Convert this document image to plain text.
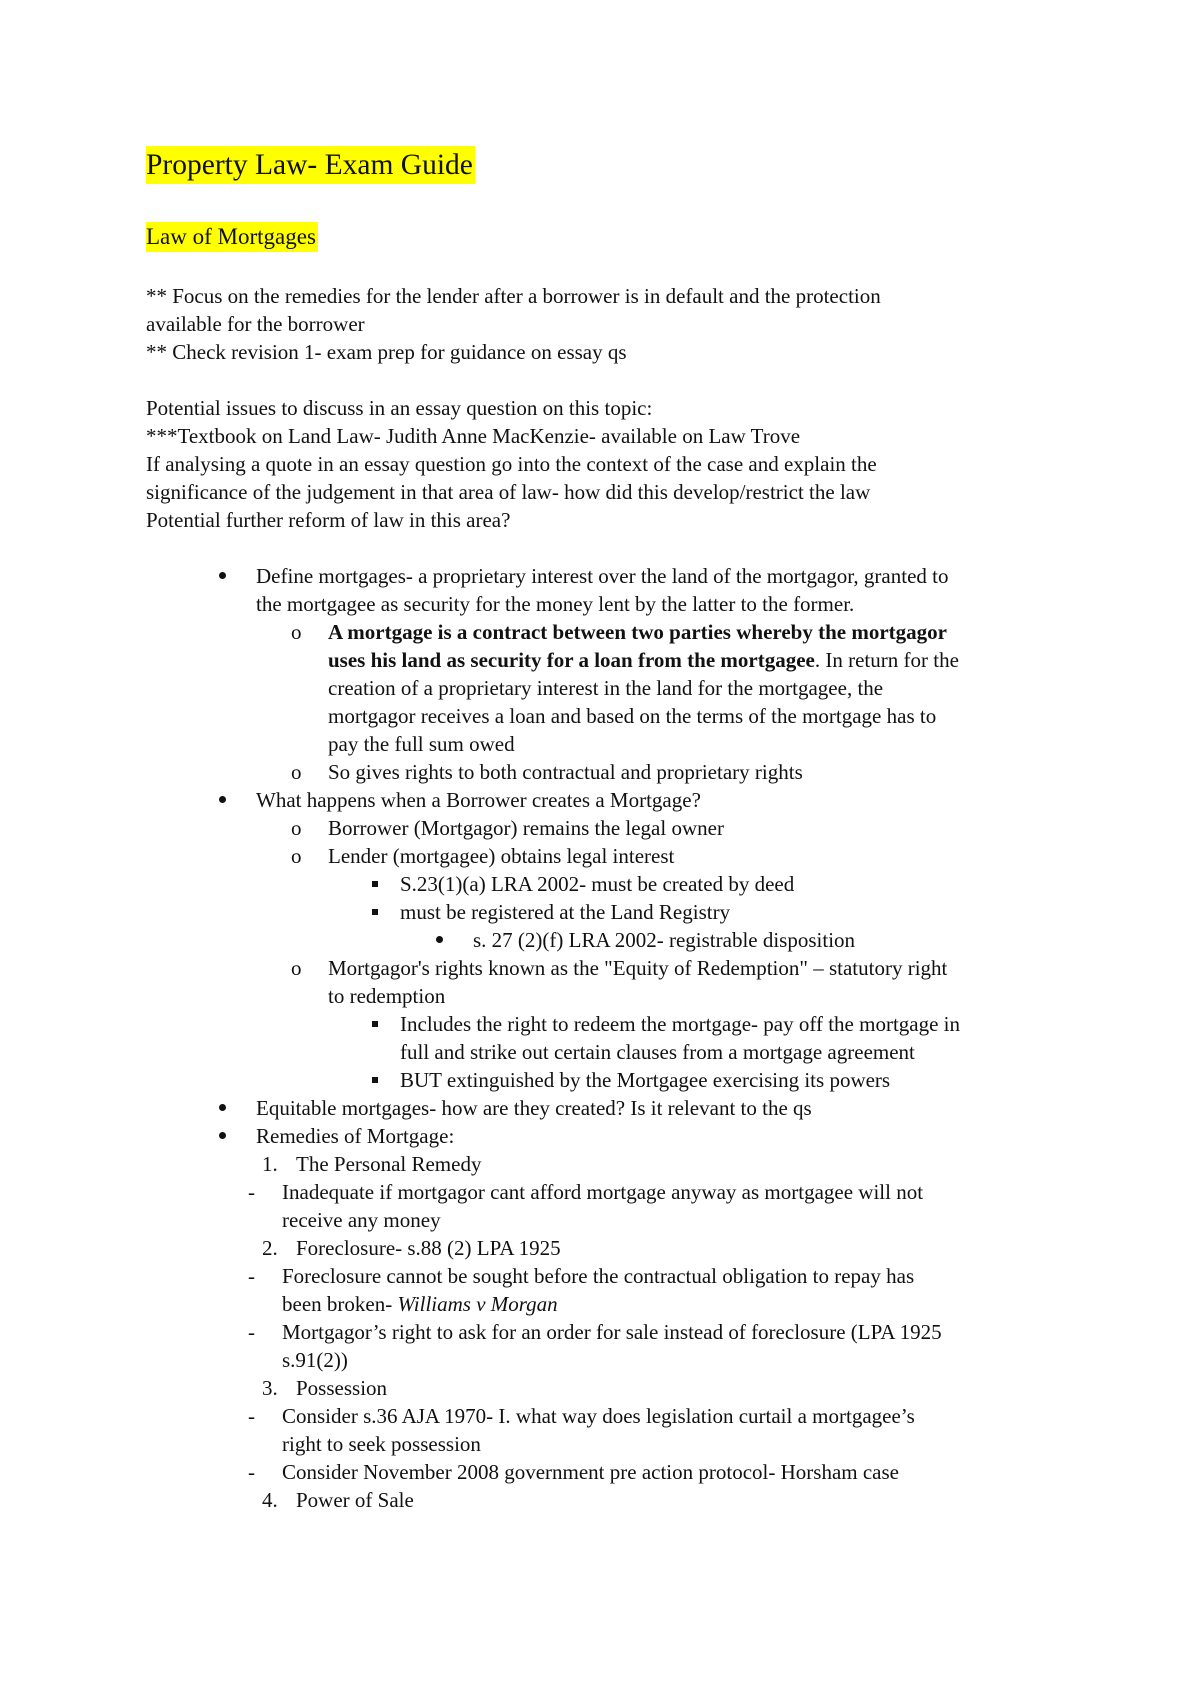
Property Law- Exam Guide
Law of Mortgages
** Focus on the remedies for the lender after a borrower is in default and the protection
available for the borrower
** Check revision 1- exam prep for guidance on essay qs
Potential issues to discuss in an essay question on this topic:
***Textbook on Land Law- Judith Anne MacKenzie- available on Law Trove
If analysing a quote in an essay question go into the context of the case and explain the
significance of the judgement in that area of law- how did this develop/restrict the law
Potential further reform of law in this area?
Define mortgages- a proprietary interest over the land of the mortgagor, granted to
the mortgagee as security for the money lent by the latter to the former.
o A mortgage is a contract between two parties whereby the mortgagor
uses his land as security for a loan from the mortgagee. In return for the
creation of a proprietary interest in the land for the mortgagee, the
mortgagor receives a loan and based on the terms of the mortgage has to
pay the full sum owed
o So gives rights to both contractual and proprietary rights
What happens when a Borrower creates a Mortgage?
o Borrower (Mortgagor) remains the legal owner
o Lender (mortgagee) obtains legal interest
S.23(1)(a) LRA 2002- must be created by deed
must be registered at the Land Registry
s. 27 (2)(f) LRA 2002- registrable disposition
o Mortgagor's rights known as the "Equity of Redemption" – statutory right
to redemption
Includes the right to redeem the mortgage- pay off the mortgage in
full and strike out certain clauses from a mortgage agreement
BUT extinguished by the Mortgagee exercising its powers
Equitable mortgages- how are they created? Is it relevant to the qs
Remedies of Mortgage:
1. The Personal Remedy
- Inadequate if mortgagor cant afford mortgage anyway as mortgagee will not
receive any money
2. Foreclosure- s.88 (2) LPA 1925
- Foreclosure cannot be sought before the contractual obligation to repay has
been broken- Williams v Morgan
- Mortgagor’s right to ask for an order for sale instead of foreclosure (LPA 1925
s.91(2))
3. Possession
- Consider s.36 AJA 1970- I. what way does legislation curtail a mortgagee’s
right to seek possession
- Consider November 2008 government pre action protocol- Horsham case
4. Power of Sale
